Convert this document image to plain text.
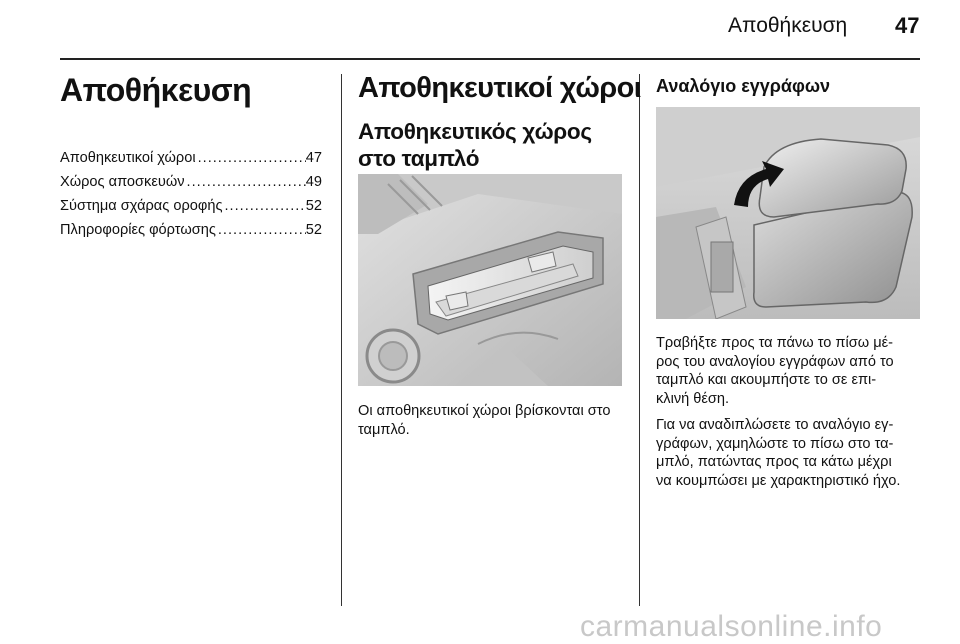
Αποθήκευση 47
Αποθήκευση
Αποθηκευτικοί χώροι .....	47
Χώρος αποσκευών .....	49
Σύστημα σχάρας οροφής .....	52
Πληροφορίες φόρτωσης .....	52
Αποθηκευτικοί χώροι
Αποθηκευτικός χώρος στο ταμπλό
Οι αποθηκευτικοί χώροι βρίσκονται στο ταμπλό.
Αναλόγιο εγγράφων

Τραβήξτε προς τα πάνω το πίσω μέ-
ρος του αναλογίου εγγράφων από το
ταμπλό και ακουμπήστε το σε επι-
κλινή θέση.

Για να αναδιπλώσετε το αναλόγιο εγ-
γράφων, χαμηλώστε το πίσω στο τα-
μπλό, πατώντας προς τα κάτω μέχρι
να κουμπώσει με χαρακτηριστικό ήχο.

carmanualsonline.info
